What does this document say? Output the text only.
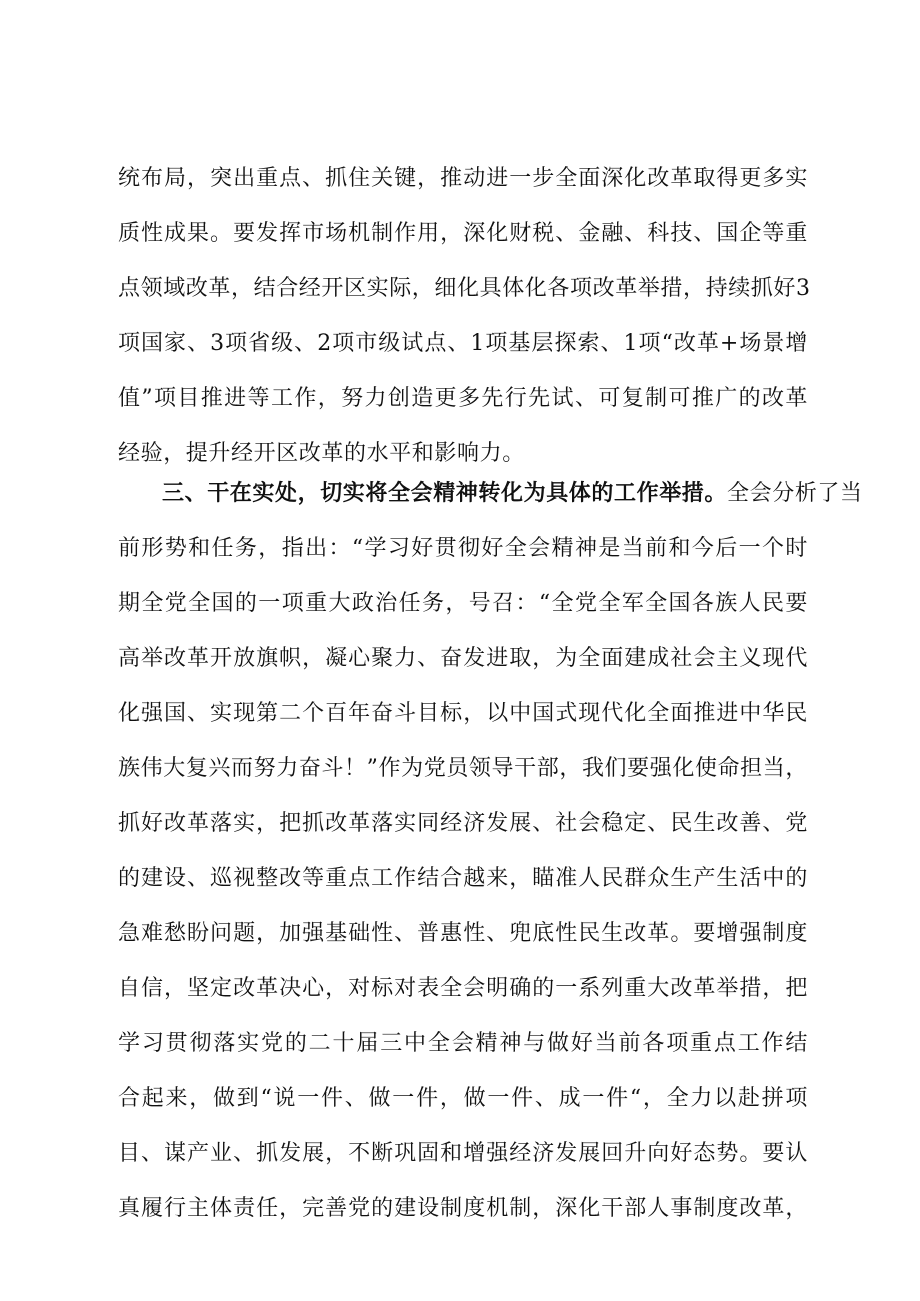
统布局，突出重点、抓住关键，推动进一步全面深化改革取得更多实
质性成果。要发挥市场机制作用，深化财税、金融、科技、国企等重
点领域改革，结合经开区实际，细化具体化各项改革举措，持续抓好3
项国家、3项省级、2项市级试点、1项基层探索、1项“改革+场景增
值”项目推进等工作，努力创造更多先行先试、可复制可推广的改革
经验，提升经开区改革的水平和影响力。
三、干在实处，切实将全会精神转化为具体的工作举措。全会分析了当
前形势和任务，指出：“学习好贯彻好全会精神是当前和今后一个时
期全党全国的一项重大政治任务，号召：“全党全军全国各族人民要
高举改革开放旗帜，凝心聚力、奋发进取，为全面建成社会主义现代
化强国、实现第二个百年奋斗目标，以中国式现代化全面推进中华民
族伟大复兴而努力奋斗！”作为党员领导干部，我们要强化使命担当，
抓好改革落实，把抓改革落实同经济发展、社会稳定、民生改善、党
的建设、巡视整改等重点工作结合越来，瞄准人民群众生产生活中的
急难愁盼问题，加强基础性、普惠性、兜底性民生改革。要增强制度
自信，坚定改革决心，对标对表全会明确的一系列重大改革举措，把
学习贯彻落实党的二十届三中全会精神与做好当前各项重点工作结
合起来，做到“说一件、做一件，做一件、成一件“，全力以赴拼项
目、谋产业、抓发展，不断巩固和增强经济发展回升向好态势。要认
真履行主体责任，完善党的建设制度机制，深化干部人事制度改革，
